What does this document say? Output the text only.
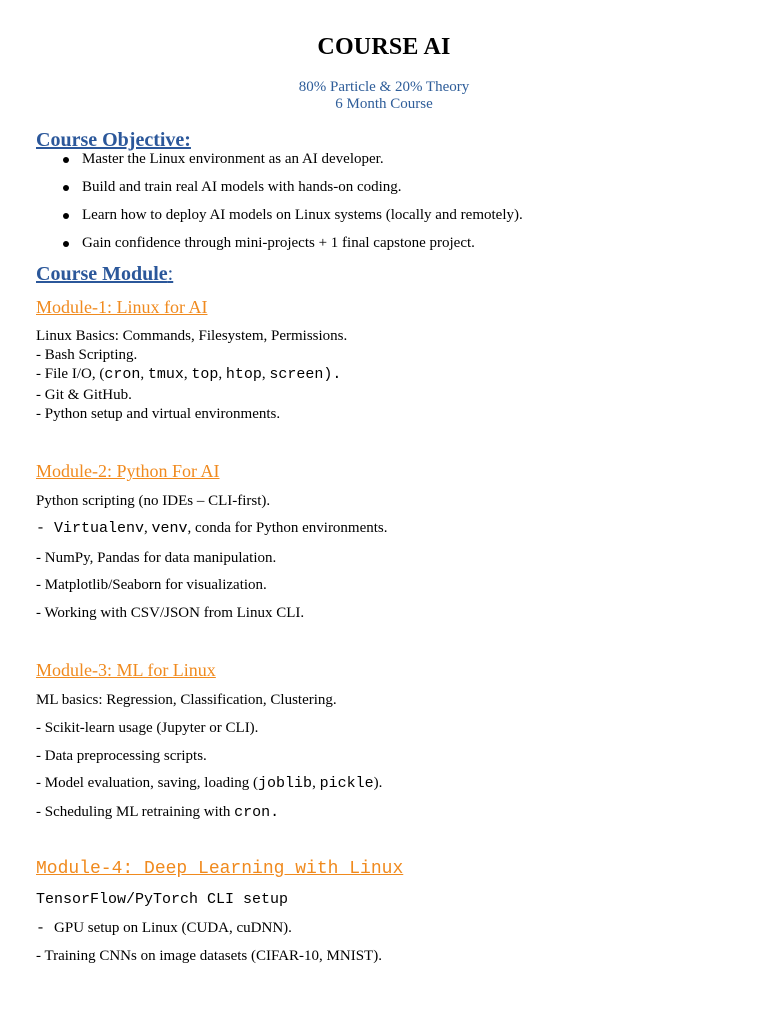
COURSE AI
80% Particle & 20% Theory
6 Month Course
Course Objective:
Master the Linux environment as an AI developer.
Build and train real AI models with hands-on coding.
Learn how to deploy AI models on Linux systems (locally and remotely).
Gain confidence through mini-projects + 1 final capstone project.
Course Module:
Module-1: Linux for AI
Linux Basics: Commands, Filesystem, Permissions.
- Bash Scripting.
- File I/O, (cron, tmux, top, htop, screen).
- Git & GitHub.
- Python setup and virtual environments.
Module-2: Python For AI
Python scripting (no IDEs – CLI-first).
- Virtualenv, venv, conda for Python environments.
- NumPy, Pandas for data manipulation.
- Matplotlib/Seaborn for visualization.
- Working with CSV/JSON from Linux CLI.
Module-3: ML for Linux
ML basics: Regression, Classification, Clustering.
- Scikit-learn usage (Jupyter or CLI).
- Data preprocessing scripts.
- Model evaluation, saving, loading (joblib, pickle).
- Scheduling ML retraining with cron.
Module-4: Deep Learning with Linux
TensorFlow/PyTorch CLI setup
- GPU setup on Linux (CUDA, cuDNN).
- Training CNNs on image datasets (CIFAR-10, MNIST).
